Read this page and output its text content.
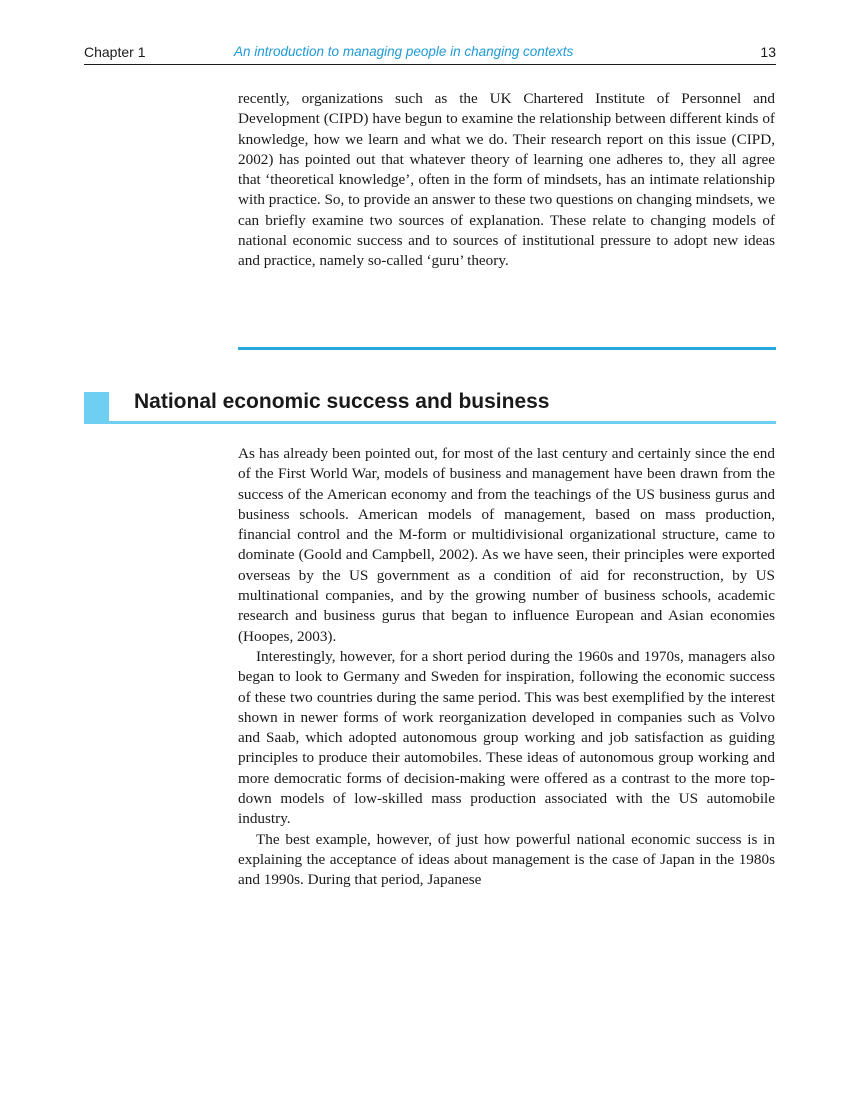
Chapter 1	An introduction to managing people in changing contexts	13

recently, organizations such as the UK Chartered Institute of Personnel and Development (CIPD) have begun to examine the relationship between different kinds of knowledge, how we learn and what we do. Their research report on this issue (CIPD, 2002) has pointed out that whatever theory of learning one adheres to, they all agree that ‘theoretical knowledge’, often in the form of mindsets, has an intimate relationship with practice. So, to provide an answer to these two questions on changing mindsets, we can briefly examine two sources of explanation. These relate to changing models of national economic success and to sources of institutional pressure to adopt new ideas and practice, namely so-called ‘guru’ theory.

National economic success and business

As has already been pointed out, for most of the last century and certainly since the end of the First World War, models of business and management have been drawn from the success of the American economy and from the teachings of the US business gurus and business schools. American models of management, based on mass production, financial control and the M-form or multidivisional organizational structure, came to dominate (Goold and Campbell, 2002). As we have seen, their principles were exported overseas by the US government as a condition of aid for reconstruction, by US multinational companies, and by the growing number of business schools, academic research and business gurus that began to influence European and Asian economies (Hoopes, 2003).

Interestingly, however, for a short period during the 1960s and 1970s, managers also began to look to Germany and Sweden for inspiration, following the economic success of these two countries during the same period. This was best exemplified by the interest shown in newer forms of work reorganization developed in companies such as Volvo and Saab, which adopted autonomous group working and job satisfaction as guiding principles to produce their automobiles. These ideas of autonomous group working and more democratic forms of decision-making were offered as a contrast to the more top-down models of low-skilled mass production associated with the US automobile industry.

The best example, however, of just how powerful national economic success is in explaining the acceptance of ideas about management is the case of Japan in the 1980s and 1990s. During that period, Japanese
